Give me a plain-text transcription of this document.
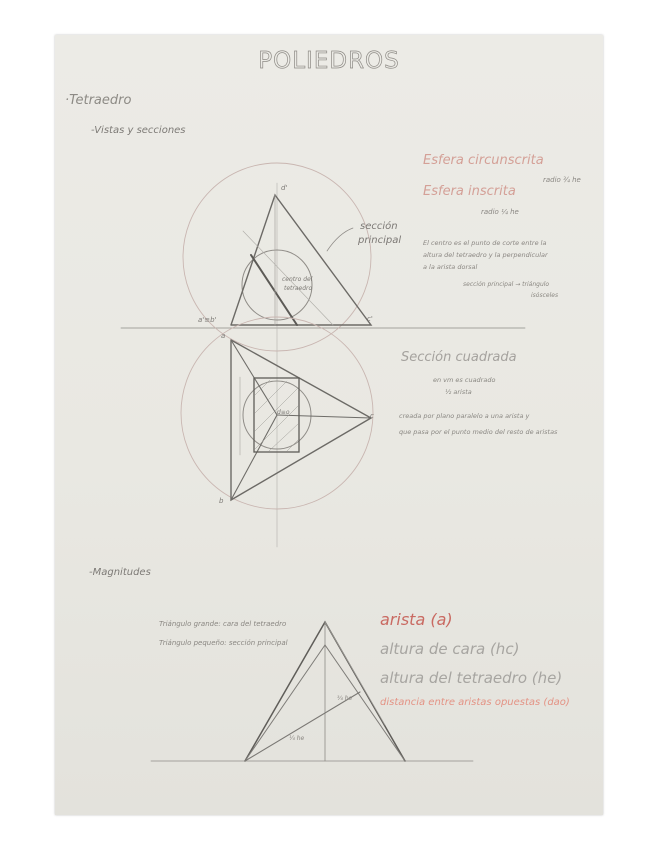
POLIEDROS
·Tetraedro
-Vistas y secciones
-Magnitudes
d'
c'
a'≡b'
sección
principal
centro del
tetraedro
a
b
c
d≡o
Esfera circunscrita
radio ¾ he
Esfera inscrita
radio ¼ he
El centro es el punto de corte entre la
altura del tetraedro y la perpendicular
a la arista dorsal
sección principal → triángulo
isósceles
Sección cuadrada
en vm es cuadrado
½ arista
creada por plano paralelo a una arista y
que pasa por el punto medio del resto de aristas
Triángulo grande: cara del tetraedro
Triángulo pequeño: sección principal
¾ he
¼ he
arista (a)
altura de cara (hc)
altura del tetraedro (he)
distancia entre aristas opuestas (dao)
